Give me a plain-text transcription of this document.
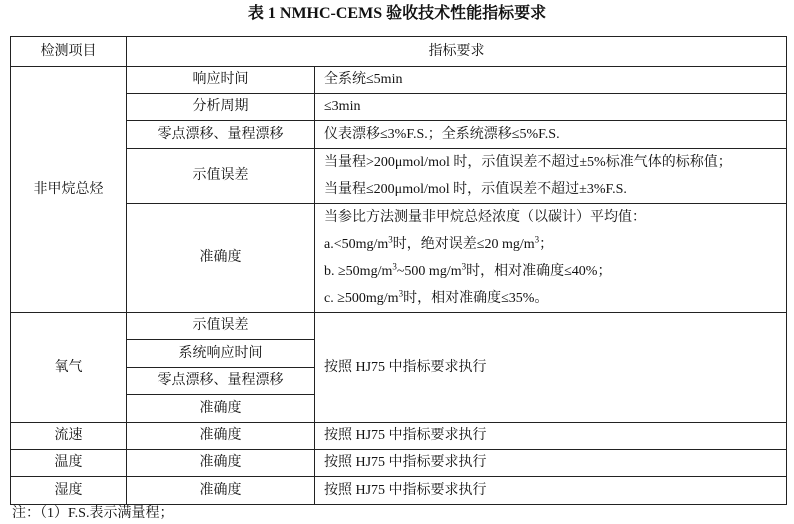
表 1 NMHC-CEMS 验收技术性能指标要求
检测项目	指标要求	
非甲烷总烃	响应时间	全系统≤5min
	分析周期	≤3min
	零点漂移、量程漂移	仪表漂移≤3%F.S.；全系统漂移≤5%F.S.
	示值误差	当量程>200μmol/mol 时，示值误差不超过±5%标准气体的标称值；
当量程≤200μmol/mol 时，示值误差不超过±3%F.S.

	准确度	当参比方法测量非甲烷总烃浓度（以碳计）平均值：
$a.<50mg/m^3$时，绝对误差≤20 $mg/m^3$；
b. $\ge 50mg/m^3\sim 500$ $mg/m^3$时，相对准确度≤40%；
c. $\ge 500mg/m^3$时，相对准确度≤35%。

氧气	示值误差	按照 HJ75 中指标要求执行
	系统响应时间	
	零点漂移、量程漂移	
	准确度	
流速	准确度	按照 HJ75 中指标要求执行
温度	准确度	按照 HJ75 中指标要求执行
湿度	准确度	按照 HJ75 中指标要求执行
注：（1）F.S.表示满量程；
